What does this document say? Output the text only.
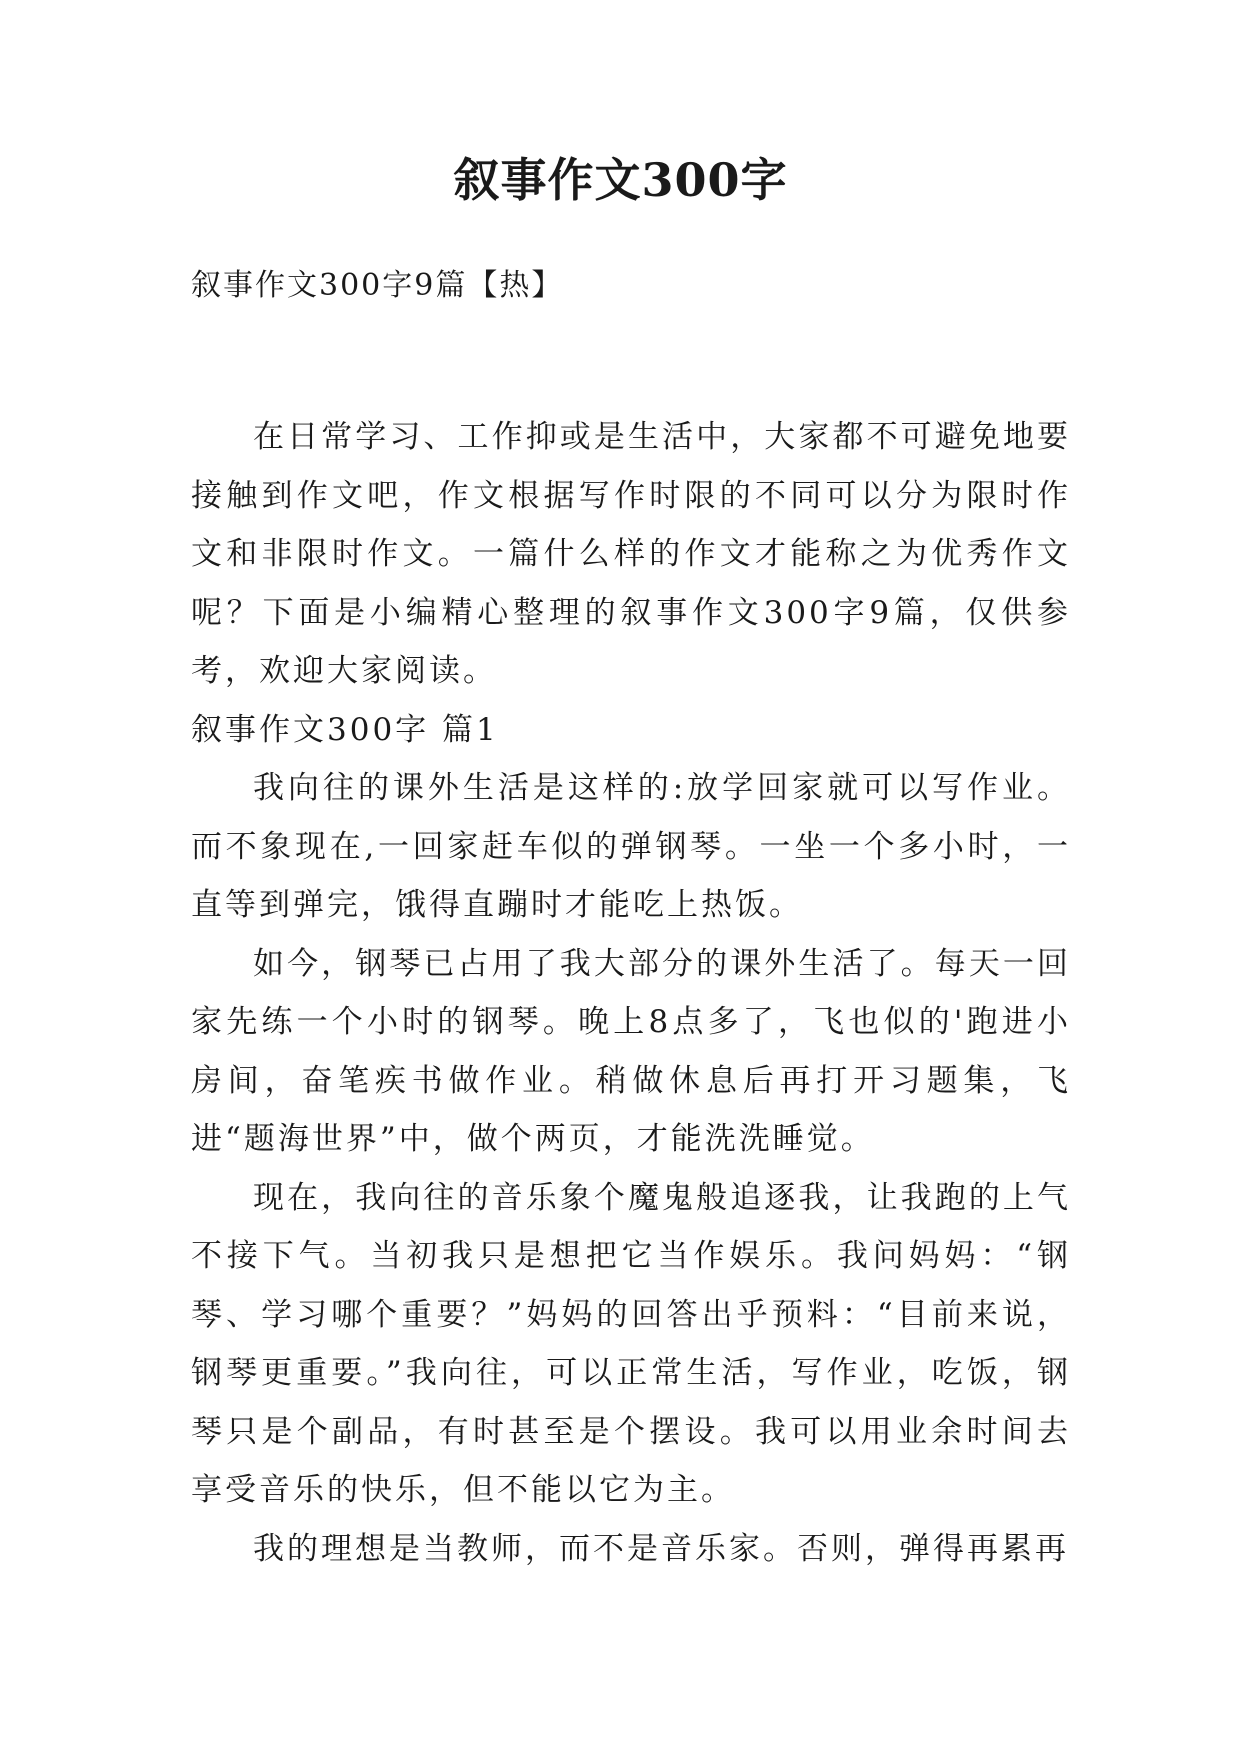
叙事作文300字

叙事作文300字9篇【热】

在日常学习、工作抑或是生活中，大家都不可避免地要接触到作文吧，作文根据写作时限的不同可以分为限时作文和非限时作文。一篇什么样的作文才能称之为优秀作文呢？下面是小编精心整理的叙事作文300字9篇，仅供参考，欢迎大家阅读。

叙事作文300字 篇1

我向往的课外生活是这样的:放学回家就可以写作业。而不象现在,一回家赶车似的弹钢琴。一坐一个多小时，一直等到弹完，饿得直蹦时才能吃上热饭。

如今，钢琴已占用了我大部分的课外生活了。每天一回家先练一个小时的钢琴。晚上8点多了，飞也似的'跑进小房间，奋笔疾书做作业。稍做休息后再打开习题集，飞进“题海世界”中，做个两页，才能洗洗睡觉。

现在，我向往的音乐象个魔鬼般追逐我，让我跑的上气不接下气。当初我只是想把它当作娱乐。我问妈妈：“钢琴、学习哪个重要？”妈妈的回答出乎预料：“目前来说，钢琴更重要。”我向往，可以正常生活，写作业，吃饭，钢琴只是个副品，有时甚至是个摆设。我可以用业余时间去享受音乐的快乐，但不能以它为主。

我的理想是当教师，而不是音乐家。否则，弹得再累再
